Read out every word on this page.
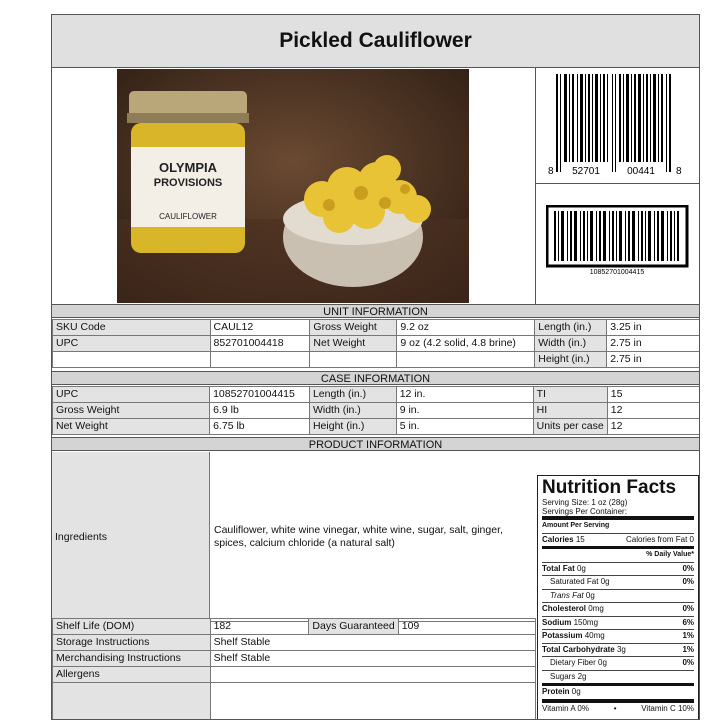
Pickled Cauliflower
OLYMPIA
PROVISIONS
CAULIFLOWER
8 52701	00441 8
10852701004415
UNIT INFORMATION
SKU Code	CAUL12	Gross Weight	9.2 oz	Length (in.)	3.25 in
UPC	852701004418	Net Weight	9 oz (4.2 solid, 4.8 brine)	Width (in.)	2.75 in
				Height (in.)	2.75 in
CASE INFORMATION
UPC	10852701004415	Length (in.)	12 in.	TI	15
Gross Weight	6.9 lb	Width (in.)	9 in.	HI	12
Net Weight	6.75 lb	Height (in.)	5 in.	Units per case	12
PRODUCT INFORMATION
Ingredients
Cauliflower, white wine vinegar, white wine, sugar, salt, ginger, spices, calcium chloride (a natural salt)
Shelf Life (DOM)	182	Days Guaranteed	109
Storage Instructions	Shelf Stable		
Merchandising Instructions	Shelf Stable		
Allergens			

Nutrition Facts
Serving Size: 1 oz (28g)
Servings Per Container:
Amount Per Serving
Calories 15	Calories from Fat 0
% Daily Value*
Total Fat 0g	0%
Saturated Fat 0g	0%
Trans Fat 0g
Cholesterol 0mg	0%
Sodium 150mg	6%
Potassium 40mg	1%
Total Carbohydrate 3g	1%
Dietary Fiber 0g	0%
Sugars 2g
Protein 0g
Vitamin A 0%	•	Vitamin C 10%
